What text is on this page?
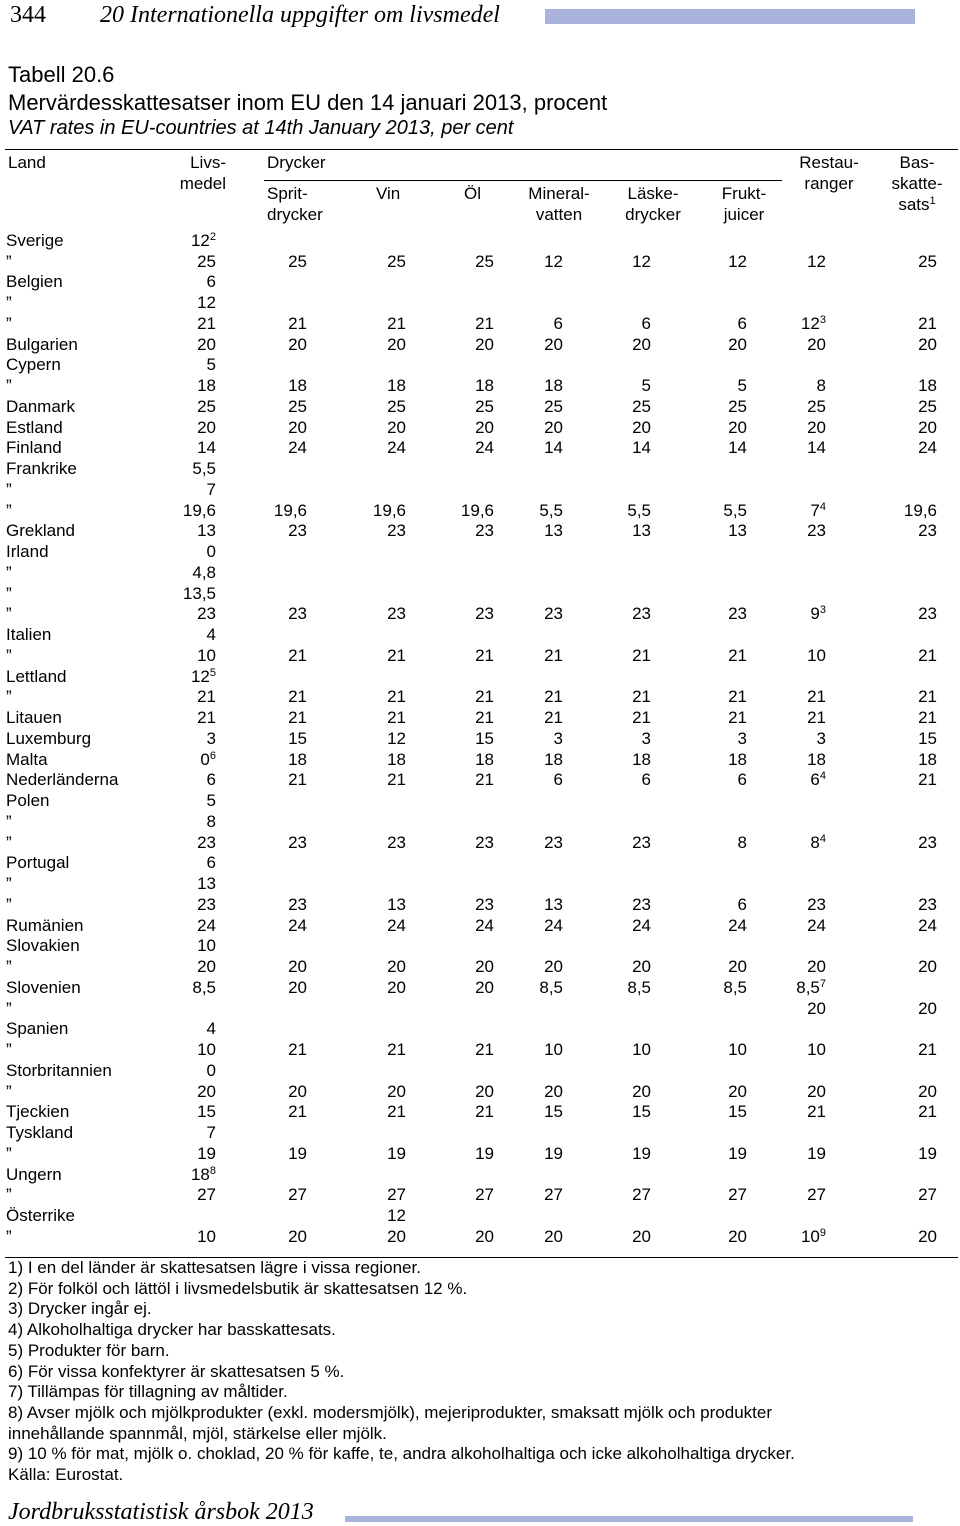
344 20 Internationella uppgifter om livsmedel
Tabell 20.6
Mervärdesskattesatser inom EU den 14 januari 2013, procent
VAT rates in EU-countries at 14th January 2013, per cent
Land	Livs-
medel
Drycker
Sprit-
drycker
Vin	Öl	Mineral-
vatten
Läske-
drycker
Frukt-
juicer
Restau-
ranger
Bas-
skatte-
sats$^1$
Sverige	$12^2$								
”	25	25	25	25	12	12	12	12	25
Belgien	6								
”	12								
”	21	21	21	21	6	6	6	$12^3$	21
Bulgarien	20	20	20	20	20	20	20	20	20
Cypern	5								
”	18	18	18	18	18	5	5	8	18
Danmark	25	25	25	25	25	25	25	25	25
Estland	20	20	20	20	20	20	20	20	20
Finland	14	24	24	24	14	14	14	14	24
Frankrike	5,5								
”	7								
”	19,6	19,6	19,6	19,6	5,5	5,5	5,5	$7^4$	19,6
Grekland	13	23	23	23	13	13	13	23	23
Irland	0								
”	4,8								
”	13,5								
”	23	23	23	23	23	23	23	$9^3$	23
Italien	4								
”	10	21	21	21	21	21	21	10	21
Lettland	$12^5$								
”	21	21	21	21	21	21	21	21	21
Litauen	21	21	21	21	21	21	21	21	21
Luxemburg	3	15	12	15	3	3	3	3	15
Malta	$0^6$	18	18	18	18	18	18	18	18
Nederländerna	6	21	21	21	6	6	6	$6^4$	21
Polen	5								
”	8								
”	23	23	23	23	23	23	8	$8^4$	23
Portugal	6								
”	13								
”	23	23	13	23	13	23	6	23	23
Rumänien	24	24	24	24	24	24	24	24	24
Slovakien	10								
”	20	20	20	20	20	20	20	20	20
Slovenien	8,5	20	20	20	8,5	8,5	8,5	$8,5^7$	
”								20	20
Spanien	4								
”	10	21	21	21	10	10	10	10	21
Storbritannien	0								
”	20	20	20	20	20	20	20	20	20
Tjeckien	15	21	21	21	15	15	15	21	21
Tyskland	7								
”	19	19	19	19	19	19	19	19	19
Ungern	$18^8$								
”	27	27	27	27	27	27	27	27	27
Österrike			12						
”	10	20	20	20	20	20	20	$10^9$	20
1) I en del länder är skattesatsen lägre i vissa regioner.
2) För folköl och lättöl i livsmedelsbutik är skattesatsen 12 %.
3) Drycker ingår ej.
4) Alkoholhaltiga drycker har basskattesats.
5) Produkter för barn.
6) För vissa konfektyrer är skattesatsen 5 %.
7) Tillämpas för tillagning av måltider.
8) Avser mjölk och mjölkprodukter (exkl. modersmjölk), mejeriprodukter, smaksatt mjölk och produkter
innehållande spannmål, mjöl, stärkelse eller mjölk.
9) 10 % för mat, mjölk o. choklad, 20 % för kaffe, te, andra alkoholhaltiga och icke alkoholhaltiga drycker.
Källa: Eurostat.
Jordbruksstatistisk årsbok 2013
